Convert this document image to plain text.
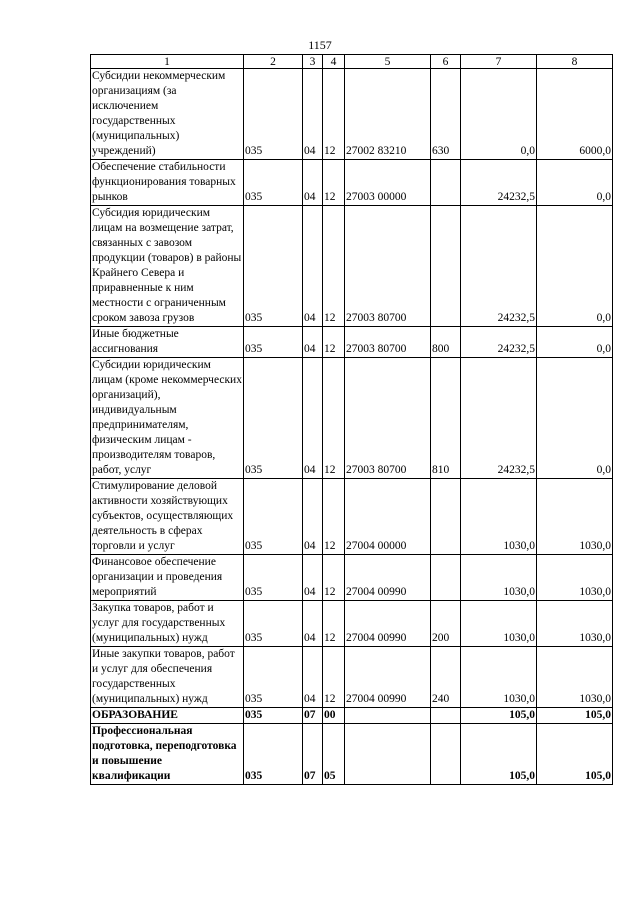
1157
1	2	3	4	5	6	7	8
Субсидии некоммерческим организациям (за исключением государственных (муниципальных) учреждений)	035	04	12	27002 83210	630	0,0	6000,0
Обеспечение стабильности функционирования товарных рынков	035	04	12	27003 00000		24232,5	0,0
Субсидия юридическим лицам на возмещение затрат, связанных с завозом продукции (товаров) в районы Крайнего Севера и приравненные к ним местности с ограниченным сроком завоза грузов	035	04	12	27003 80700		24232,5	0,0
Иные бюджетные ассигнования	035	04	12	27003 80700	800	24232,5	0,0
Субсидии юридическим лицам (кроме некоммерческих организаций), индивидуальным предпринимателям, физическим лицам - производителям товаров, работ, услуг	035	04	12	27003 80700	810	24232,5	0,0
Стимулирование деловой активности хозяйствующих субъектов, осуществляющих деятельность в сферах торговли и услуг	035	04	12	27004 00000		1030,0	1030,0
Финансовое обеспечение организации и проведения мероприятий	035	04	12	27004 00990		1030,0	1030,0
Закупка товаров, работ и услуг для государственных (муниципальных) нужд	035	04	12	27004 00990	200	1030,0	1030,0
Иные закупки товаров, работ и услуг для обеспечения государственных (муниципальных) нужд	035	04	12	27004 00990	240	1030,0	1030,0
ОБРАЗОВАНИЕ	035	07	00			105,0	105,0
Профессиональная подготовка, переподготовка и повышение квалификации	035	07	05			105,0	105,0
